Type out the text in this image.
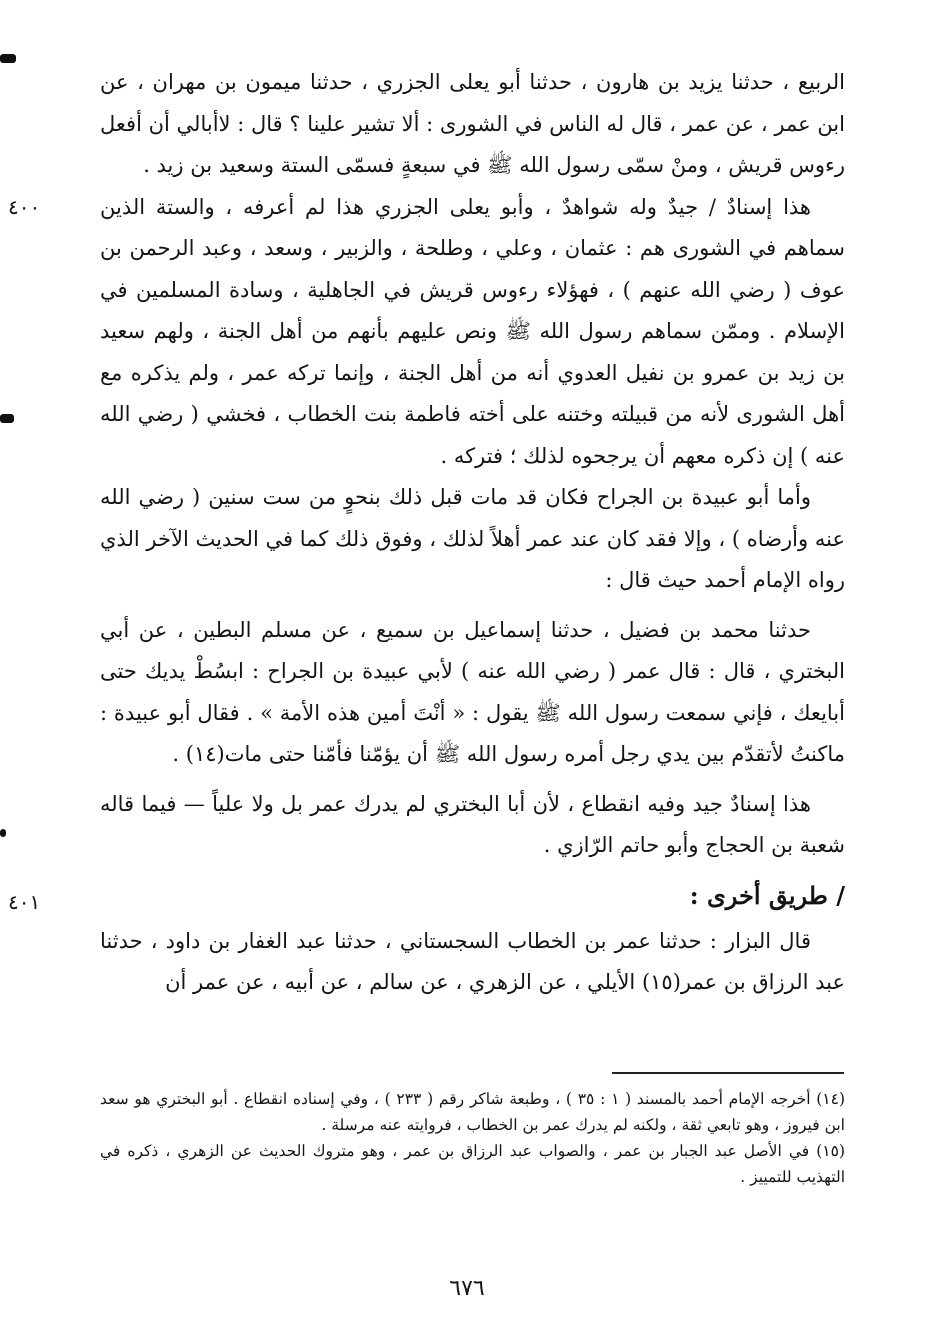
الربيع ، حدثنا يزيد بن هارون ، حدثنا أبو يعلى الجزري ، حدثنا ميمون بن مهران ، عن ابن عمر ، عن عمر ، قال له الناس في الشورى : ألا تشير علينا ؟ قال : لاأبالي أن أفعل رءوس قريش ، ومنْ سمّى رسول الله ﷺ في سبعةٍ فسمّى الستة وسعيد بن زيد .

٤٠٠	هذا إسنادٌ / جيدٌ وله شواهدٌ ، وأبو يعلى الجزري هذا لم أعرفه ، والستة الذين سماهم في الشورى هم : عثمان ، وعلي ، وطلحة ، والزبير ، وسعد ، وعبد الرحمن بن عوف ( رضي الله عنهم ) ، فهؤلاء رءوس قريش في الجاهلية ، وسادة المسلمين في الإسلام . وممّن سماهم رسول الله ﷺ ونص عليهم بأنهم من أهل الجنة ، ولهم سعيد بن زيد بن عمرو بن نفيل العدوي أنه من أهل الجنة ، وإنما تركه عمر ، ولم يذكره مع أهل الشورى لأنه من قبيلته وختنه على أخته فاطمة بنت الخطاب ، فخشي ( رضي الله عنه ) إن ذكره معهم أن يرجحوه لذلك ؛ فتركه .

وأما أبو عبيدة بن الجراح فكان قد مات قبل ذلك بنحوٍ من ست سنين ( رضي الله عنه وأرضاه ) ، وإلا فقد كان عند عمر أهلاً لذلك ، وفوق ذلك كما في الحديث الآخر الذي رواه الإمام أحمد حيث قال :

حدثنا محمد بن فضيل ، حدثنا إسماعيل بن سميع ، عن مسلم البطين ، عن أبي البختري ، قال : قال عمر ( رضي الله عنه ) لأبي عبيدة بن الجراح : ابسُطْ يديك حتى أبايعك ، فإني سمعت رسول الله ﷺ يقول : « أنْتَ أمين هذه الأمة » . فقال أبو عبيدة : ماكنتُ لأتقدّم بين يدي رجل أمره رسول الله ﷺ أن يؤمّنا فأمّنا حتى مات(١٤) .

هذا إسنادٌ جيد وفيه انقطاع ، لأن أبا البختري لم يدرك عمر بل ولا علياً — فيما قاله شعبة بن الحجاج وأبو حاتم الرّازي .

٤٠١	/ طريق أخرى :

قال البزار : حدثنا عمر بن الخطاب السجستاني ، حدثنا عبد الغفار بن داود ، حدثنا عبد الرزاق بن عمر(١٥) الأيلي ، عن الزهري ، عن سالم ، عن أبيه ، عن عمر أن

(١٤) أخرجه الإمام أحمد بالمسند ( ١ : ٣٥ ) ، وطبعة شاكر رقم ( ٢٣٣ ) ، وفي إسناده انقطاع . أبو البختري هو سعد ابن فيروز ، وهو تابعي ثقة ، ولكنه لم يدرك عمر بن الخطاب ، فروايته عنه مرسلة .

(١٥) في الأصل عبد الجبار بن عمر ، والصواب عبد الرزاق بن عمر ، وهو متروك الحديث عن الزهري ، ذكره في التهذيب للتمييز .

٦٧٦
